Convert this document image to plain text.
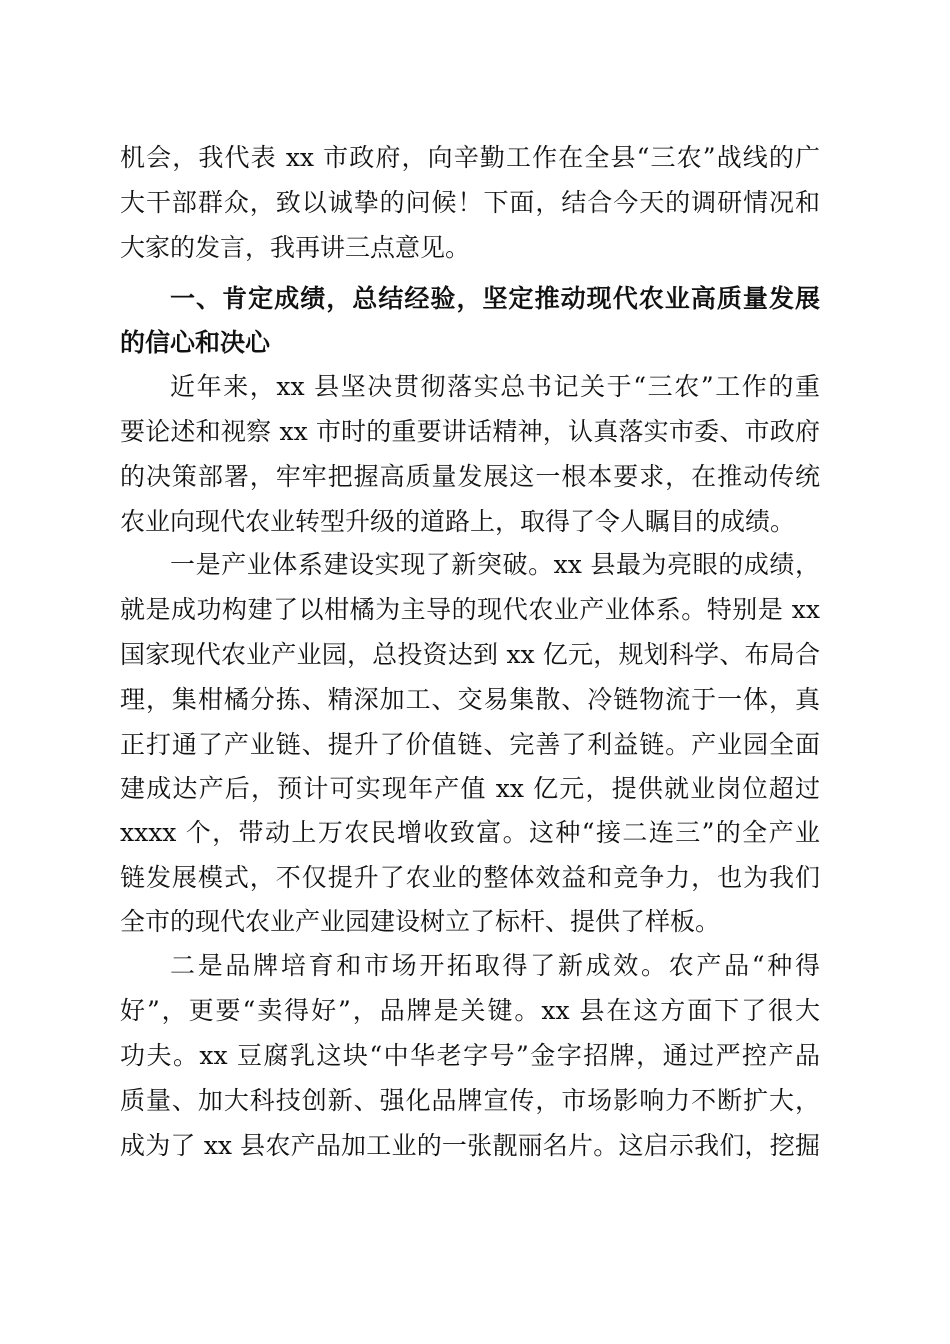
机会，我代表 xx 市政府，向辛勤工作在全县“三农”战线的广
大干部群众，致以诚挚的问候！下面，结合今天的调研情况和
大家的发言，我再讲三点意见。
一、肯定成绩，总结经验，坚定推动现代农业高质量发展
的信心和决心
近年来，xx 县坚决贯彻落实总书记关于“三农”工作的重
要论述和视察 xx 市时的重要讲话精神，认真落实市委、市政府
的决策部署，牢牢把握高质量发展这一根本要求，在推动传统
农业向现代农业转型升级的道路上，取得了令人瞩目的成绩。
一是产业体系建设实现了新突破。xx 县最为亮眼的成绩，
就是成功构建了以柑橘为主导的现代农业产业体系。特别是 xx
国家现代农业产业园，总投资达到 xx 亿元，规划科学、布局合
理，集柑橘分拣、精深加工、交易集散、冷链物流于一体，真
正打通了产业链、提升了价值链、完善了利益链。产业园全面
建成达产后，预计可实现年产值 xx 亿元，提供就业岗位超过
xxxx 个，带动上万农民增收致富。这种“接二连三”的全产业
链发展模式，不仅提升了农业的整体效益和竞争力，也为我们
全市的现代农业产业园建设树立了标杆、提供了样板。
二是品牌培育和市场开拓取得了新成效。农产品“种得
好”，更要“卖得好”，品牌是关键。xx 县在这方面下了很大
功夫。xx 豆腐乳这块“中华老字号”金字招牌，通过严控产品
质量、加大科技创新、强化品牌宣传，市场影响力不断扩大，
成为了 xx 县农产品加工业的一张靓丽名片。这启示我们，挖掘
